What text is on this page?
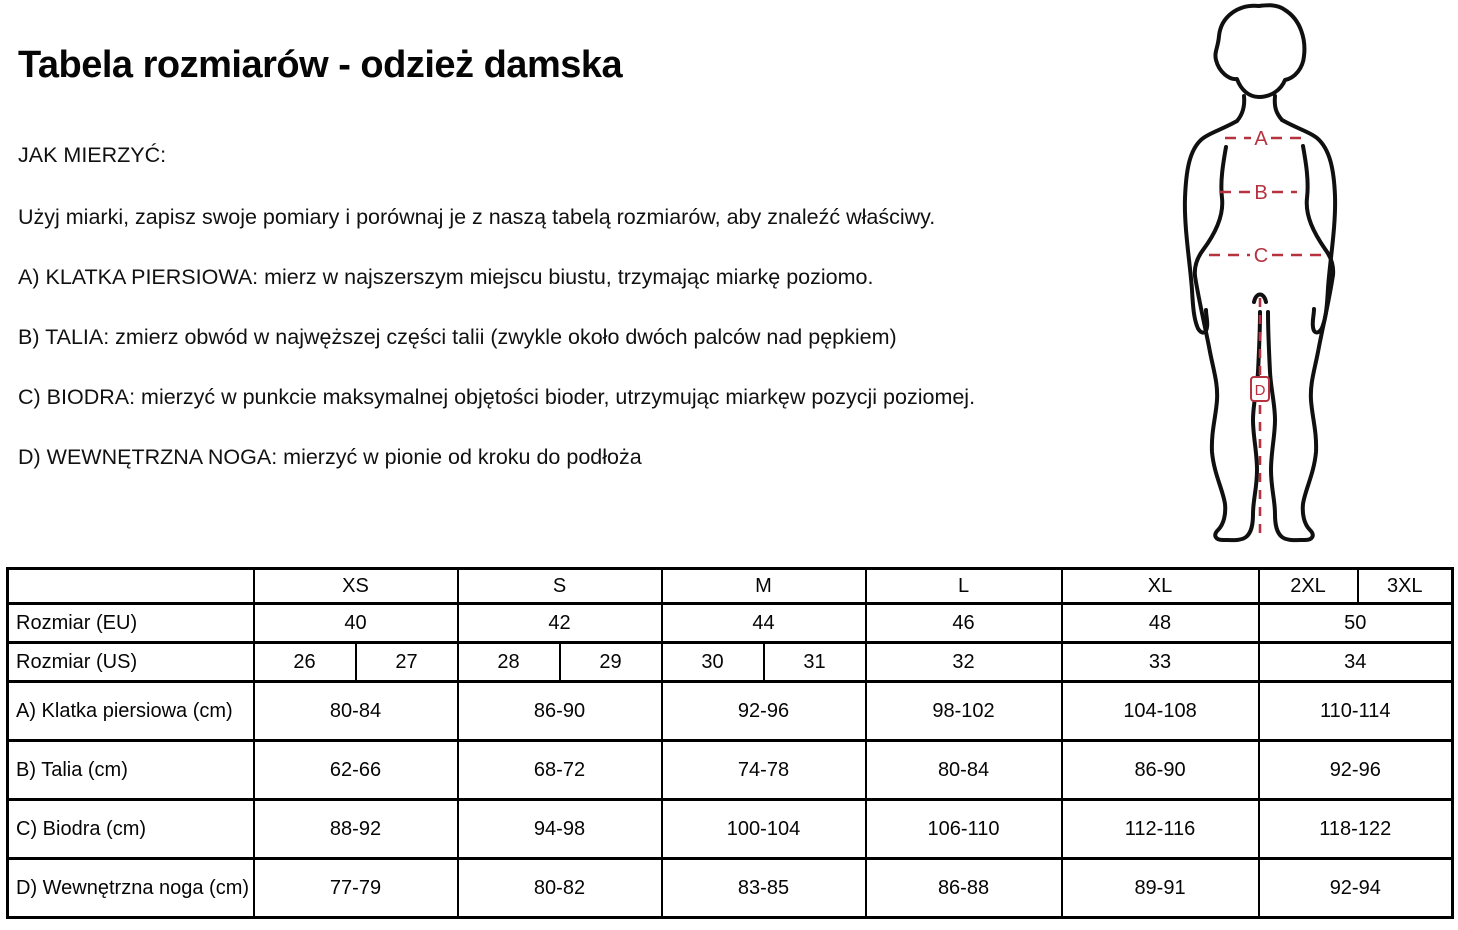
Tabela rozmiarów - odzież damska
JAK MIERZYĆ:
Użyj miarki, zapisz swoje pomiary i porównaj je z naszą tabelą rozmiarów, aby znaleźć właściwy.
A) KLATKA PIERSIOWA: mierz w najszerszym miejscu biustu, trzymając miarkę poziomo.
B) TALIA: zmierz obwód w najwęższej części talii (zwykle około dwóch palców nad pępkiem)
C) BIODRA: mierzyć w punkcie maksymalnej objętości bioder, utrzymując miarkęw pozycji poziomej.
D) WEWNĘTRZNA NOGA: mierzyć w pionie od kroku do podłoża
A
B
C
D
	XS		S		M		L	XL	2XL	3XL
Rozmiar (EU)	40		42		44		46	48	50	
Rozmiar (US)	26	27	28	29	30	31	32	33	34	
A) Klatka piersiowa (cm)	80-84		86-90		92-96		98-102	104-108	110-114	
B) Talia (cm)	62-66		68-72		74-78		80-84	86-90	92-96	
C) Biodra (cm)	88-92		94-98		100-104		106-110	112-116	118-122	
D) Wewnętrzna noga (cm)	77-79		80-82		83-85		86-88	89-91	92-94	
